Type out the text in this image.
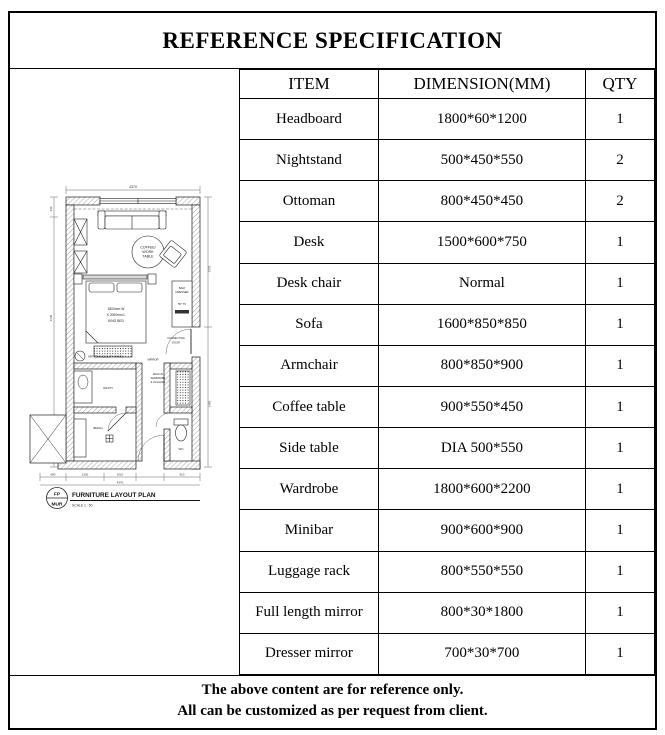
REFERENCE SPECIFICATION
4370
240
4730
5770
1450
680	1200	1010	910
4370
COFFEE/
WORK
TABLE
1800mm W
X 2000mm L
KING BED
ART TRANQUILITY PANEL
BAR/
DRESSER
55" TV
CONNECTING
DOOR
MIRROR
VANITY
BENCH
WALK-IN
WARDROBE
& LUGGAGE
WC
FP
MUR
FURNITURE LAYOUT PLAN
SCALE 1 : 50
ITEM	DIMENSION(MM)	QTY
Headboard	1800*60*1200	1
Nightstand	500*450*550	2
Ottoman	800*450*450	2
Desk	1500*600*750	1
Desk chair	Normal	1
Sofa	1600*850*850	1
Armchair	800*850*900	1
Coffee table	900*550*450	1
Side table	DIA 500*550	1
Wardrobe	1800*600*2200	1
Minibar	900*600*900	1
Luggage rack	800*550*550	1
Full length mirror	800*30*1800	1
Dresser mirror	700*30*700	1
The above content are for reference only.
All can be customized as per request from client.
